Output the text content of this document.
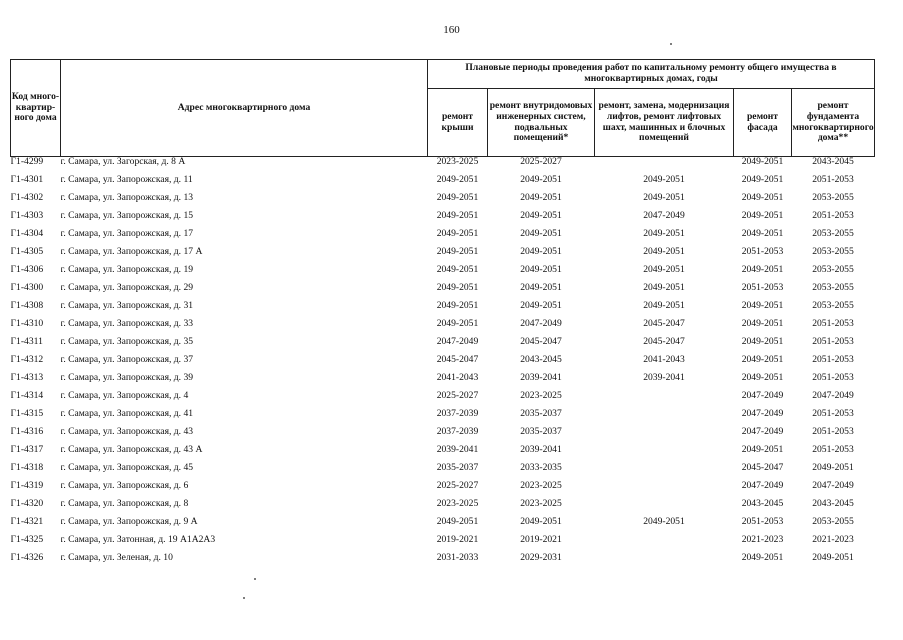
160
Код много-квартир-ного дома	Адрес многоквартирного дома	Плановые периоды проведения работ по капитальному ремонту общего имущества в многоквартирных домах, годы				
		ремонт крыши	ремонт внутридомовых инженерных систем, подвальных помещений*	ремонт, замена, модернизация лифтов, ремонт лифтовых шахт, машинных и блочных помещений	ремонт фасада	ремонт фундамента многоквартирного дома**
Г1-4299	г. Самара, ул. Загорская, д. 8 А	2023-2025	2025-2027		2049-2051	2043-2045
Г1-4301	г. Самара, ул. Запорожская, д. 11	2049-2051	2049-2051	2049-2051	2049-2051	2051-2053
Г1-4302	г. Самара, ул. Запорожская, д. 13	2049-2051	2049-2051	2049-2051	2049-2051	2053-2055
Г1-4303	г. Самара, ул. Запорожская, д. 15	2049-2051	2049-2051	2047-2049	2049-2051	2051-2053
Г1-4304	г. Самара, ул. Запорожская, д. 17	2049-2051	2049-2051	2049-2051	2049-2051	2053-2055
Г1-4305	г. Самара, ул. Запорожская, д. 17 А	2049-2051	2049-2051	2049-2051	2051-2053	2053-2055
Г1-4306	г. Самара, ул. Запорожская, д. 19	2049-2051	2049-2051	2049-2051	2049-2051	2053-2055
Г1-4300	г. Самара, ул. Запорожская, д. 29	2049-2051	2049-2051	2049-2051	2051-2053	2053-2055
Г1-4308	г. Самара, ул. Запорожская, д. 31	2049-2051	2049-2051	2049-2051	2049-2051	2053-2055
Г1-4310	г. Самара, ул. Запорожская, д. 33	2049-2051	2047-2049	2045-2047	2049-2051	2051-2053
Г1-4311	г. Самара, ул. Запорожская, д. 35	2047-2049	2045-2047	2045-2047	2049-2051	2051-2053
Г1-4312	г. Самара, ул. Запорожская, д. 37	2045-2047	2043-2045	2041-2043	2049-2051	2051-2053
Г1-4313	г. Самара, ул. Запорожская, д. 39	2041-2043	2039-2041	2039-2041	2049-2051	2051-2053
Г1-4314	г. Самара, ул. Запорожская, д. 4	2025-2027	2023-2025		2047-2049	2047-2049
Г1-4315	г. Самара, ул. Запорожская, д. 41	2037-2039	2035-2037		2047-2049	2051-2053
Г1-4316	г. Самара, ул. Запорожская, д. 43	2037-2039	2035-2037		2047-2049	2051-2053
Г1-4317	г. Самара, ул. Запорожская, д. 43 А	2039-2041	2039-2041		2049-2051	2051-2053
Г1-4318	г. Самара, ул. Запорожская, д. 45	2035-2037	2033-2035		2045-2047	2049-2051
Г1-4319	г. Самара, ул. Запорожская, д. 6	2025-2027	2023-2025		2047-2049	2047-2049
Г1-4320	г. Самара, ул. Запорожская, д. 8	2023-2025	2023-2025		2043-2045	2043-2045
Г1-4321	г. Самара, ул. Запорожская, д. 9 А	2049-2051	2049-2051	2049-2051	2051-2053	2053-2055
Г1-4325	г. Самара, ул. Затонная, д. 19 А1А2А3	2019-2021	2019-2021		2021-2023	2021-2023
Г1-4326	г. Самара, ул. Зеленая, д. 10	2031-2033	2029-2031		2049-2051	2049-2051
